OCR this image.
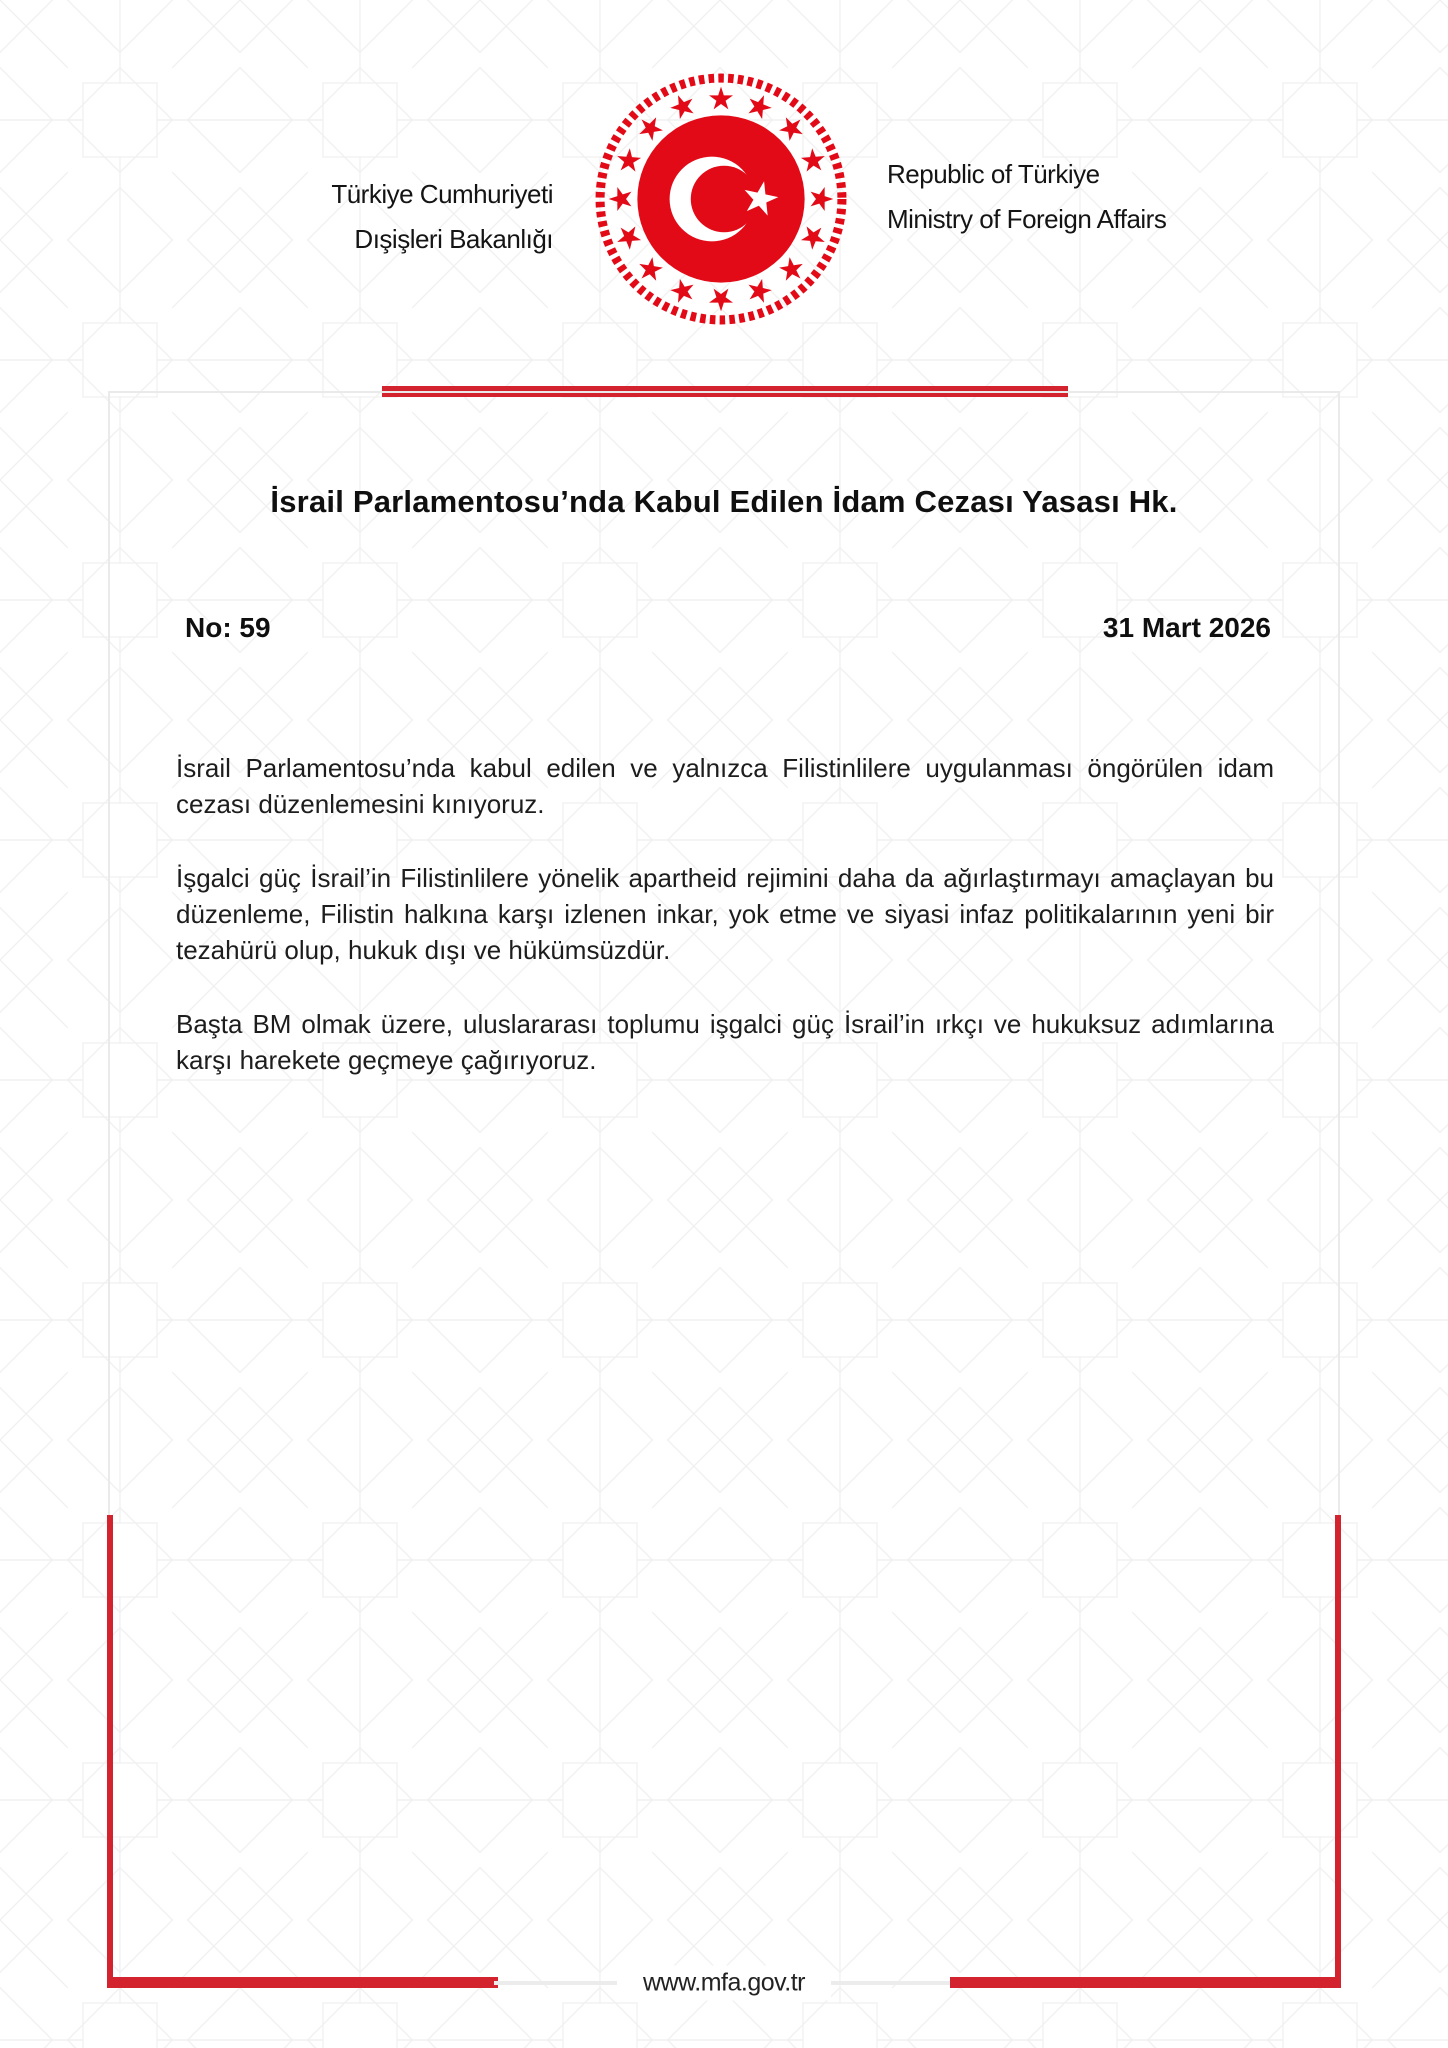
Türkiye Cumhuriyeti
Dışişleri Bakanlığı
Republic of Türkiye
Ministry of Foreign Affairs
İsrail Parlamentosu’nda Kabul Edilen İdam Cezası Yasası Hk.
No: 59	31 Mart 2026

İsrail Parlamentosu’nda kabul edilen ve yalnızca Filistinlilere uygulanması öngörülen idam cezası düzenlemesini kınıyoruz.

İşgalci güç İsrail’in Filistinlilere yönelik apartheid rejimini daha da ağırlaştırmayı amaçlayan bu düzenleme, Filistin halkına karşı izlenen inkar, yok etme ve siyasi infaz politikalarının yeni bir tezahürü olup, hukuk dışı ve hükümsüzdür.

Başta BM olmak üzere, uluslararası toplumu işgalci güç İsrail’in ırkçı ve hukuksuz adımlarına karşı harekete geçmeye çağırıyoruz.

www.mfa.gov.tr
